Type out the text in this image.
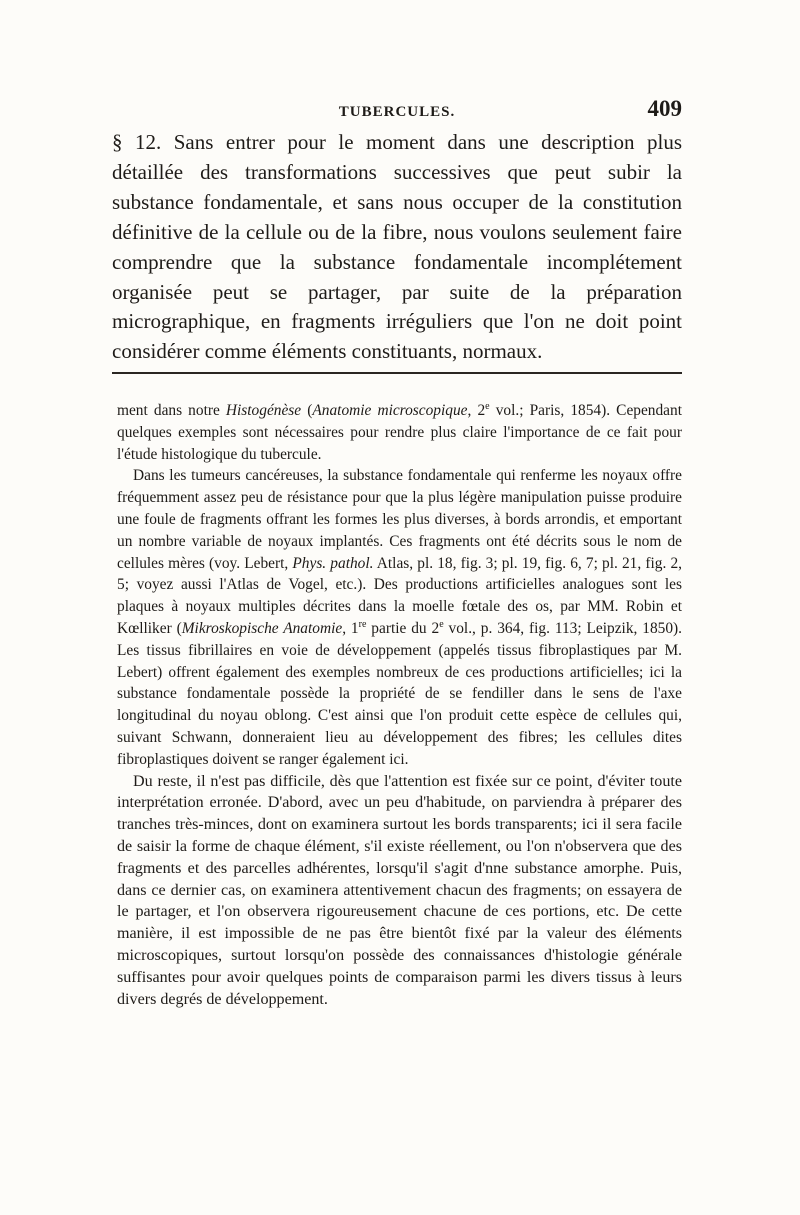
TUBERCULES.	409

§ 12. Sans entrer pour le moment dans une description plus détaillée des transformations successives que peut subir la substance fondamentale, et sans nous occuper de la constitution définitive de la cellule ou de la fibre, nous voulons seulement faire comprendre que la substance fondamentale incomplétement organisée peut se partager, par suite de la préparation micrographique, en fragments irréguliers que l'on ne doit point considérer comme éléments constituants, normaux.

ment dans notre Histogénèse (Anatomie microscopique, 2e vol.; Paris, 1854). Cependant quelques exemples sont nécessaires pour rendre plus claire l'importance de ce fait pour l'étude histologique du tubercule.

Dans les tumeurs cancéreuses, la substance fondamentale qui renferme les noyaux offre fréquemment assez peu de résistance pour que la plus légère manipulation puisse produire une foule de fragments offrant les formes les plus diverses, à bords arrondis, et emportant un nombre variable de noyaux implantés. Ces fragments ont été décrits sous le nom de cellules mères (voy. Lebert, Phys. pathol. Atlas, pl. 18, fig. 3; pl. 19, fig. 6, 7; pl. 21, fig. 2, 5; voyez aussi l'Atlas de Vogel, etc.). Des productions artificielles analogues sont les plaques à noyaux multiples décrites dans la moelle fœtale des os, par MM. Robin et Kœlliker (Mikroskopische Anatomie, 1re partie du 2e vol., p. 364, fig. 113; Leipzik, 1850). Les tissus fibrillaires en voie de développement (appelés tissus fibroplastiques par M. Lebert) offrent également des exemples nombreux de ces productions artificielles; ici la substance fondamentale possède la propriété de se fendiller dans le sens de l'axe longitudinal du noyau oblong. C'est ainsi que l'on produit cette espèce de cellules qui, suivant Schwann, donneraient lieu au développement des fibres; les cellules dites fibroplastiques doivent se ranger également ici.

Du reste, il n'est pas difficile, dès que l'attention est fixée sur ce point, d'éviter toute interprétation erronée. D'abord, avec un peu d'habitude, on parviendra à préparer des tranches très-minces, dont on examinera surtout les bords transparents; ici il sera facile de saisir la forme de chaque élément, s'il existe réellement, ou l'on n'observera que des fragments et des parcelles adhérentes, lorsqu'il s'agit d'nne substance amorphe. Puis, dans ce dernier cas, on examinera attentivement chacun des fragments; on essayera de le partager, et l'on observera rigoureusement chacune de ces portions, etc. De cette manière, il est impossible de ne pas être bientôt fixé par la valeur des éléments microscopiques, surtout lorsqu'on possède des connaissances d'histologie générale suffisantes pour avoir quelques points de comparaison parmi les divers tissus à leurs divers degrés de développement.
